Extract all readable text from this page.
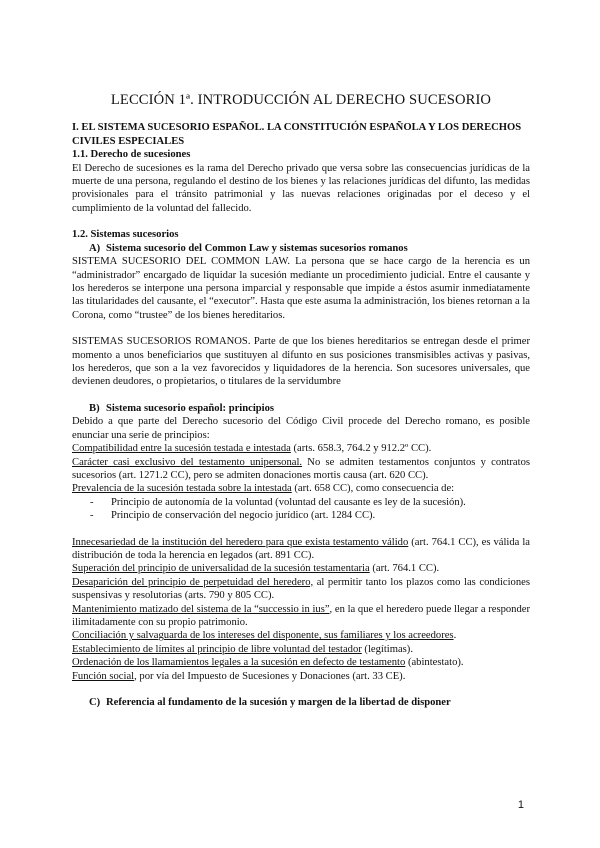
LECCIÓN 1ª. INTRODUCCIÓN AL DERECHO SUCESORIO
I. EL SISTEMA SUCESORIO ESPAÑOL. LA CONSTITUCIÓN ESPAÑOLA Y LOS DERECHOS CIVILES ESPECIALES
1.1. Derecho de sucesiones

El Derecho de sucesiones es la rama del Derecho privado que versa sobre las consecuencias jurídicas de la muerte de una persona, regulando el destino de los bienes y las relaciones jurídicas del difunto, las medidas provisionales para el tránsito patrimonial y las nuevas relaciones originadas por el deceso y el cumplimiento de la voluntad del fallecido.

1.2. Sistemas sucesorios
A) Sistema sucesorio del Common Law y sistemas sucesorios romanos

SISTEMA SUCESORIO DEL COMMON LAW. La persona que se hace cargo de la herencia es un “administrador” encargado de liquidar la sucesión mediante un procedimiento judicial. Entre el causante y los herederos se interpone una persona imparcial y responsable que impide a éstos asumir inmediatamente las titularidades del causante, el “executor”. Hasta que este asuma la administración, los bienes retornan a la Corona, como “trustee” de los bienes hereditarios.

SISTEMAS SUCESORIOS ROMANOS. Parte de que los bienes hereditarios se entregan desde el primer momento a unos beneficiarios que sustituyen al difunto en sus posiciones transmisibles activas y pasivas, los herederos, que son a la vez favorecidos y liquidadores de la herencia. Son sucesores universales, que devienen deudores, o propietarios, o titulares de la servidumbre

B) Sistema sucesorio español: principios

Debido a que parte del Derecho sucesorio del Código Civil procede del Derecho romano, es posible enunciar una serie de principios:

Compatibilidad entre la sucesión testada e intestada (arts. 658.3, 764.2 y 912.2º CC).

Carácter casi exclusivo del testamento unipersonal. No se admiten testamentos conjuntos y contratos sucesorios (art. 1271.2 CC), pero se admiten donaciones mortis causa (art. 620 CC).

Prevalencia de la sucesión testada sobre la intestada (art. 658 CC), como consecuencia de:

- Principio de autonomía de la voluntad (voluntad del causante es ley de la sucesión).
- Principio de conservación del negocio jurídico (art. 1284 CC).

Innecesariedad de la institución del heredero para que exista testamento válido (art. 764.1 CC), es válida la distribución de toda la herencia en legados (art. 891 CC).

Superación del principio de universalidad de la sucesión testamentaria (art. 764.1 CC).

Desaparición del principio de perpetuidad del heredero, al permitir tanto los plazos como las condiciones suspensivas y resolutorias (arts. 790 y 805 CC).

Mantenimiento matizado del sistema de la “successio in ius”, en la que el heredero puede llegar a responder ilimitadamente con su propio patrimonio.

Conciliación y salvaguarda de los intereses del disponente, sus familiares y los acreedores.

Establecimiento de límites al principio de libre voluntad del testador (legítimas).

Ordenación de los llamamientos legales a la sucesión en defecto de testamento (abintestato).

Función social, por vía del Impuesto de Sucesiones y Donaciones (art. 33 CE).

C) Referencia al fundamento de la sucesión y margen de la libertad de disponer
1
